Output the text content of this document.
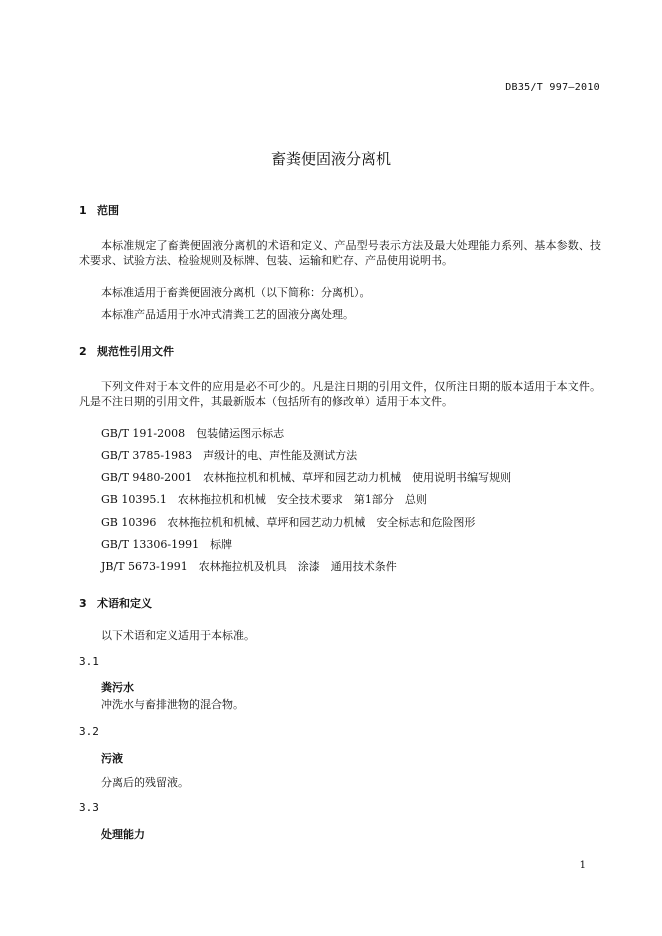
DB35/T 997—2010
畜粪便固液分离机
1 范围
本标准规定了畜粪便固液分离机的术语和定义、产品型号表示方法及最大处理能力系列、基本参数、技术要求、试验方法、检验规则及标牌、包装、运输和贮存、产品使用说明书。
本标准适用于畜粪便固液分离机（以下简称：分离机）。
本标准产品适用于水冲式清粪工艺的固液分离处理。
2 规范性引用文件
下列文件对于本文件的应用是必不可少的。凡是注日期的引用文件，仅所注日期的版本适用于本文件。凡是不注日期的引用文件，其最新版本（包括所有的修改单）适用于本文件。
GB/T 191-2008　包装储运图示标志
GB/T 3785-1983　声级计的电、声性能及测试方法
GB/T 9480-2001　农林拖拉机和机械、草坪和园艺动力机械　使用说明书编写规则
GB 10395.1　农林拖拉机和机械　安全技术要求　第1部分　总则
GB 10396　农林拖拉机和机械、草坪和园艺动力机械　安全标志和危险图形
GB/T 13306-1991　标牌
JB/T 5673-1991　农林拖拉机及机具　涂漆　通用技术条件
3 术语和定义
以下术语和定义适用于本标准。
3.1
粪污水
冲洗水与畜排泄物的混合物。
3.2
污液
分离后的残留液。
3.3
处理能力
1
